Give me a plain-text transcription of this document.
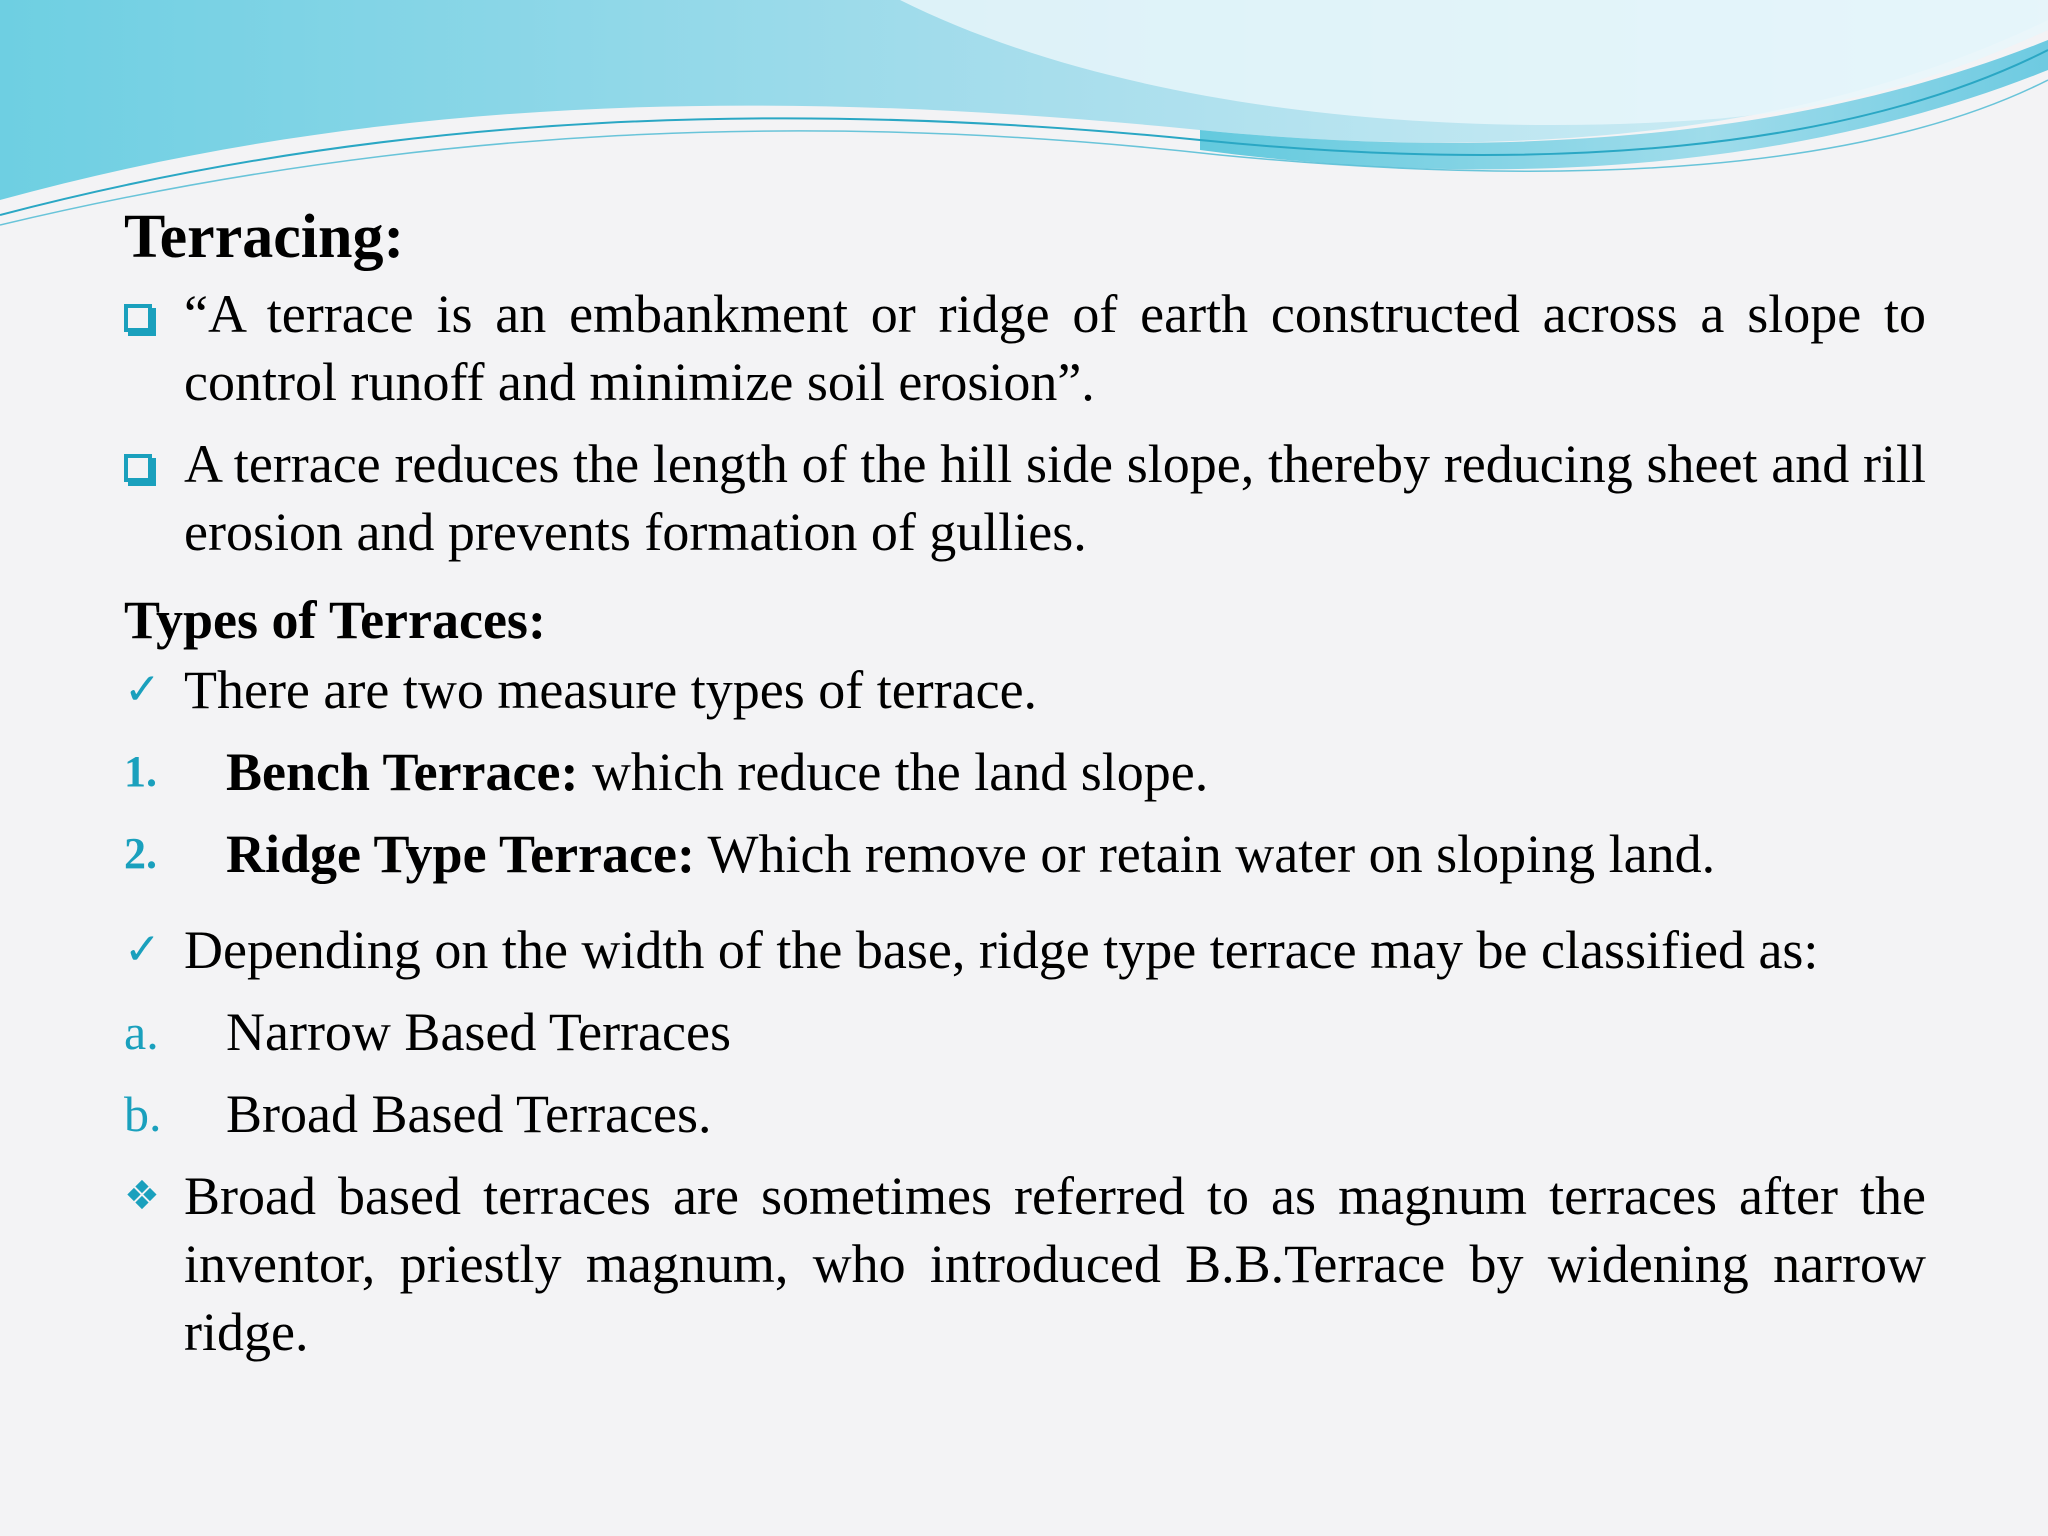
Terracing:
“A terrace is an embankment or ridge of earth constructed across a slope to control runoff and minimize soil erosion”.
A terrace reduces the length of the hill side slope, thereby reducing sheet and rill erosion and prevents formation of gullies.
Types of Terraces:
✓ There are two measure types of terrace.
1. Bench Terrace: which reduce the land slope.
2. Ridge Type Terrace: Which remove or retain water on sloping land.
✓ Depending on the width of the base, ridge type terrace may be classified as:
a. Narrow Based Terraces
b. Broad Based Terraces.
❖ Broad based terraces are sometimes referred to as magnum terraces after the inventor, priestly magnum, who introduced B.B.Terrace by widening narrow ridge.
